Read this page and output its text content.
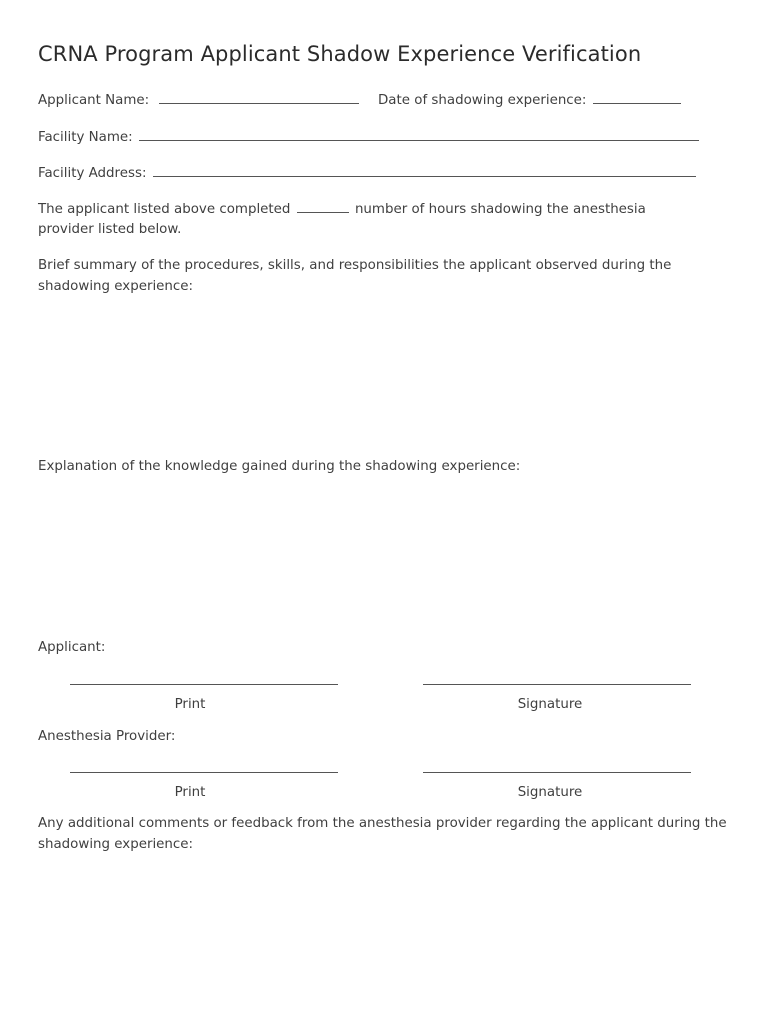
CRNA Program Applicant Shadow Experience Verification
Applicant Name:	Date of shadowing experience:
Facility Name:
Facility Address:
The applicant listed above completed	number of hours shadowing the anesthesia
provider listed below.
Brief summary of the procedures, skills, and responsibilities the applicant observed during the shadowing experience:
Explanation of the knowledge gained during the shadowing experience:
Applicant:
Print	Signature
Anesthesia Provider:
Print	Signature
Any additional comments or feedback from the anesthesia provider regarding the applicant during the shadowing experience:
